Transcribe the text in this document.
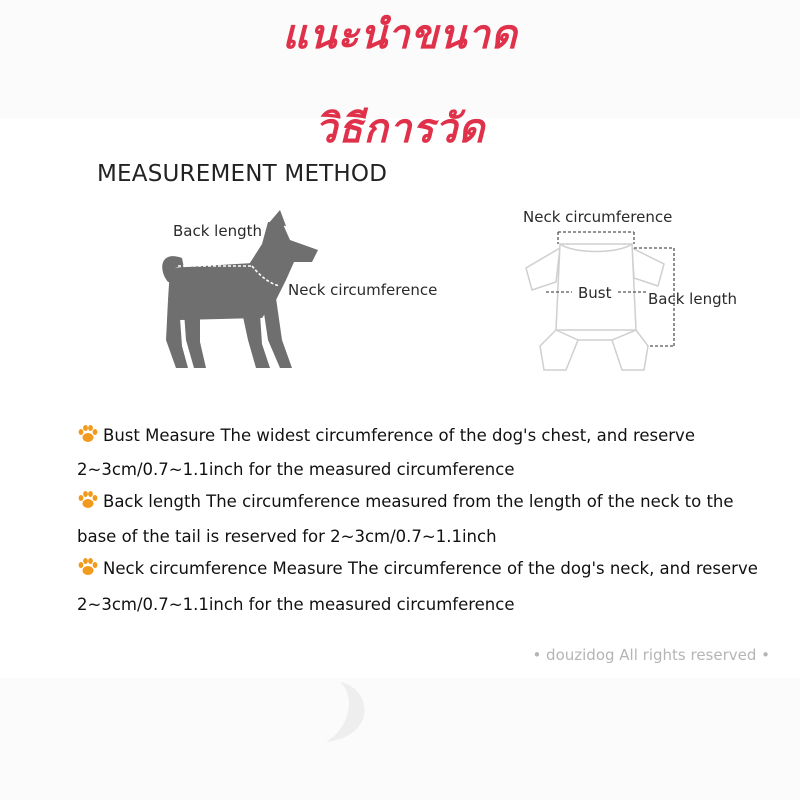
แนะนำขนาด
วิธีการวัด
MEASUREMENT METHOD
Back length
Neck circumference
Bust
Neck circumference
Bust Back length
Bust Measure The widest circumference of the dog's chest, and reserve
2~3cm/0.7~1.1inch for the measured circumference
Back length The circumference measured from the length of the neck to the
base of the tail is reserved for 2~3cm/0.7~1.1inch
Neck circumference Measure The circumference of the dog's neck, and reserve
2~3cm/0.7~1.1inch for the measured circumference
• douzidog All rights reserved •
